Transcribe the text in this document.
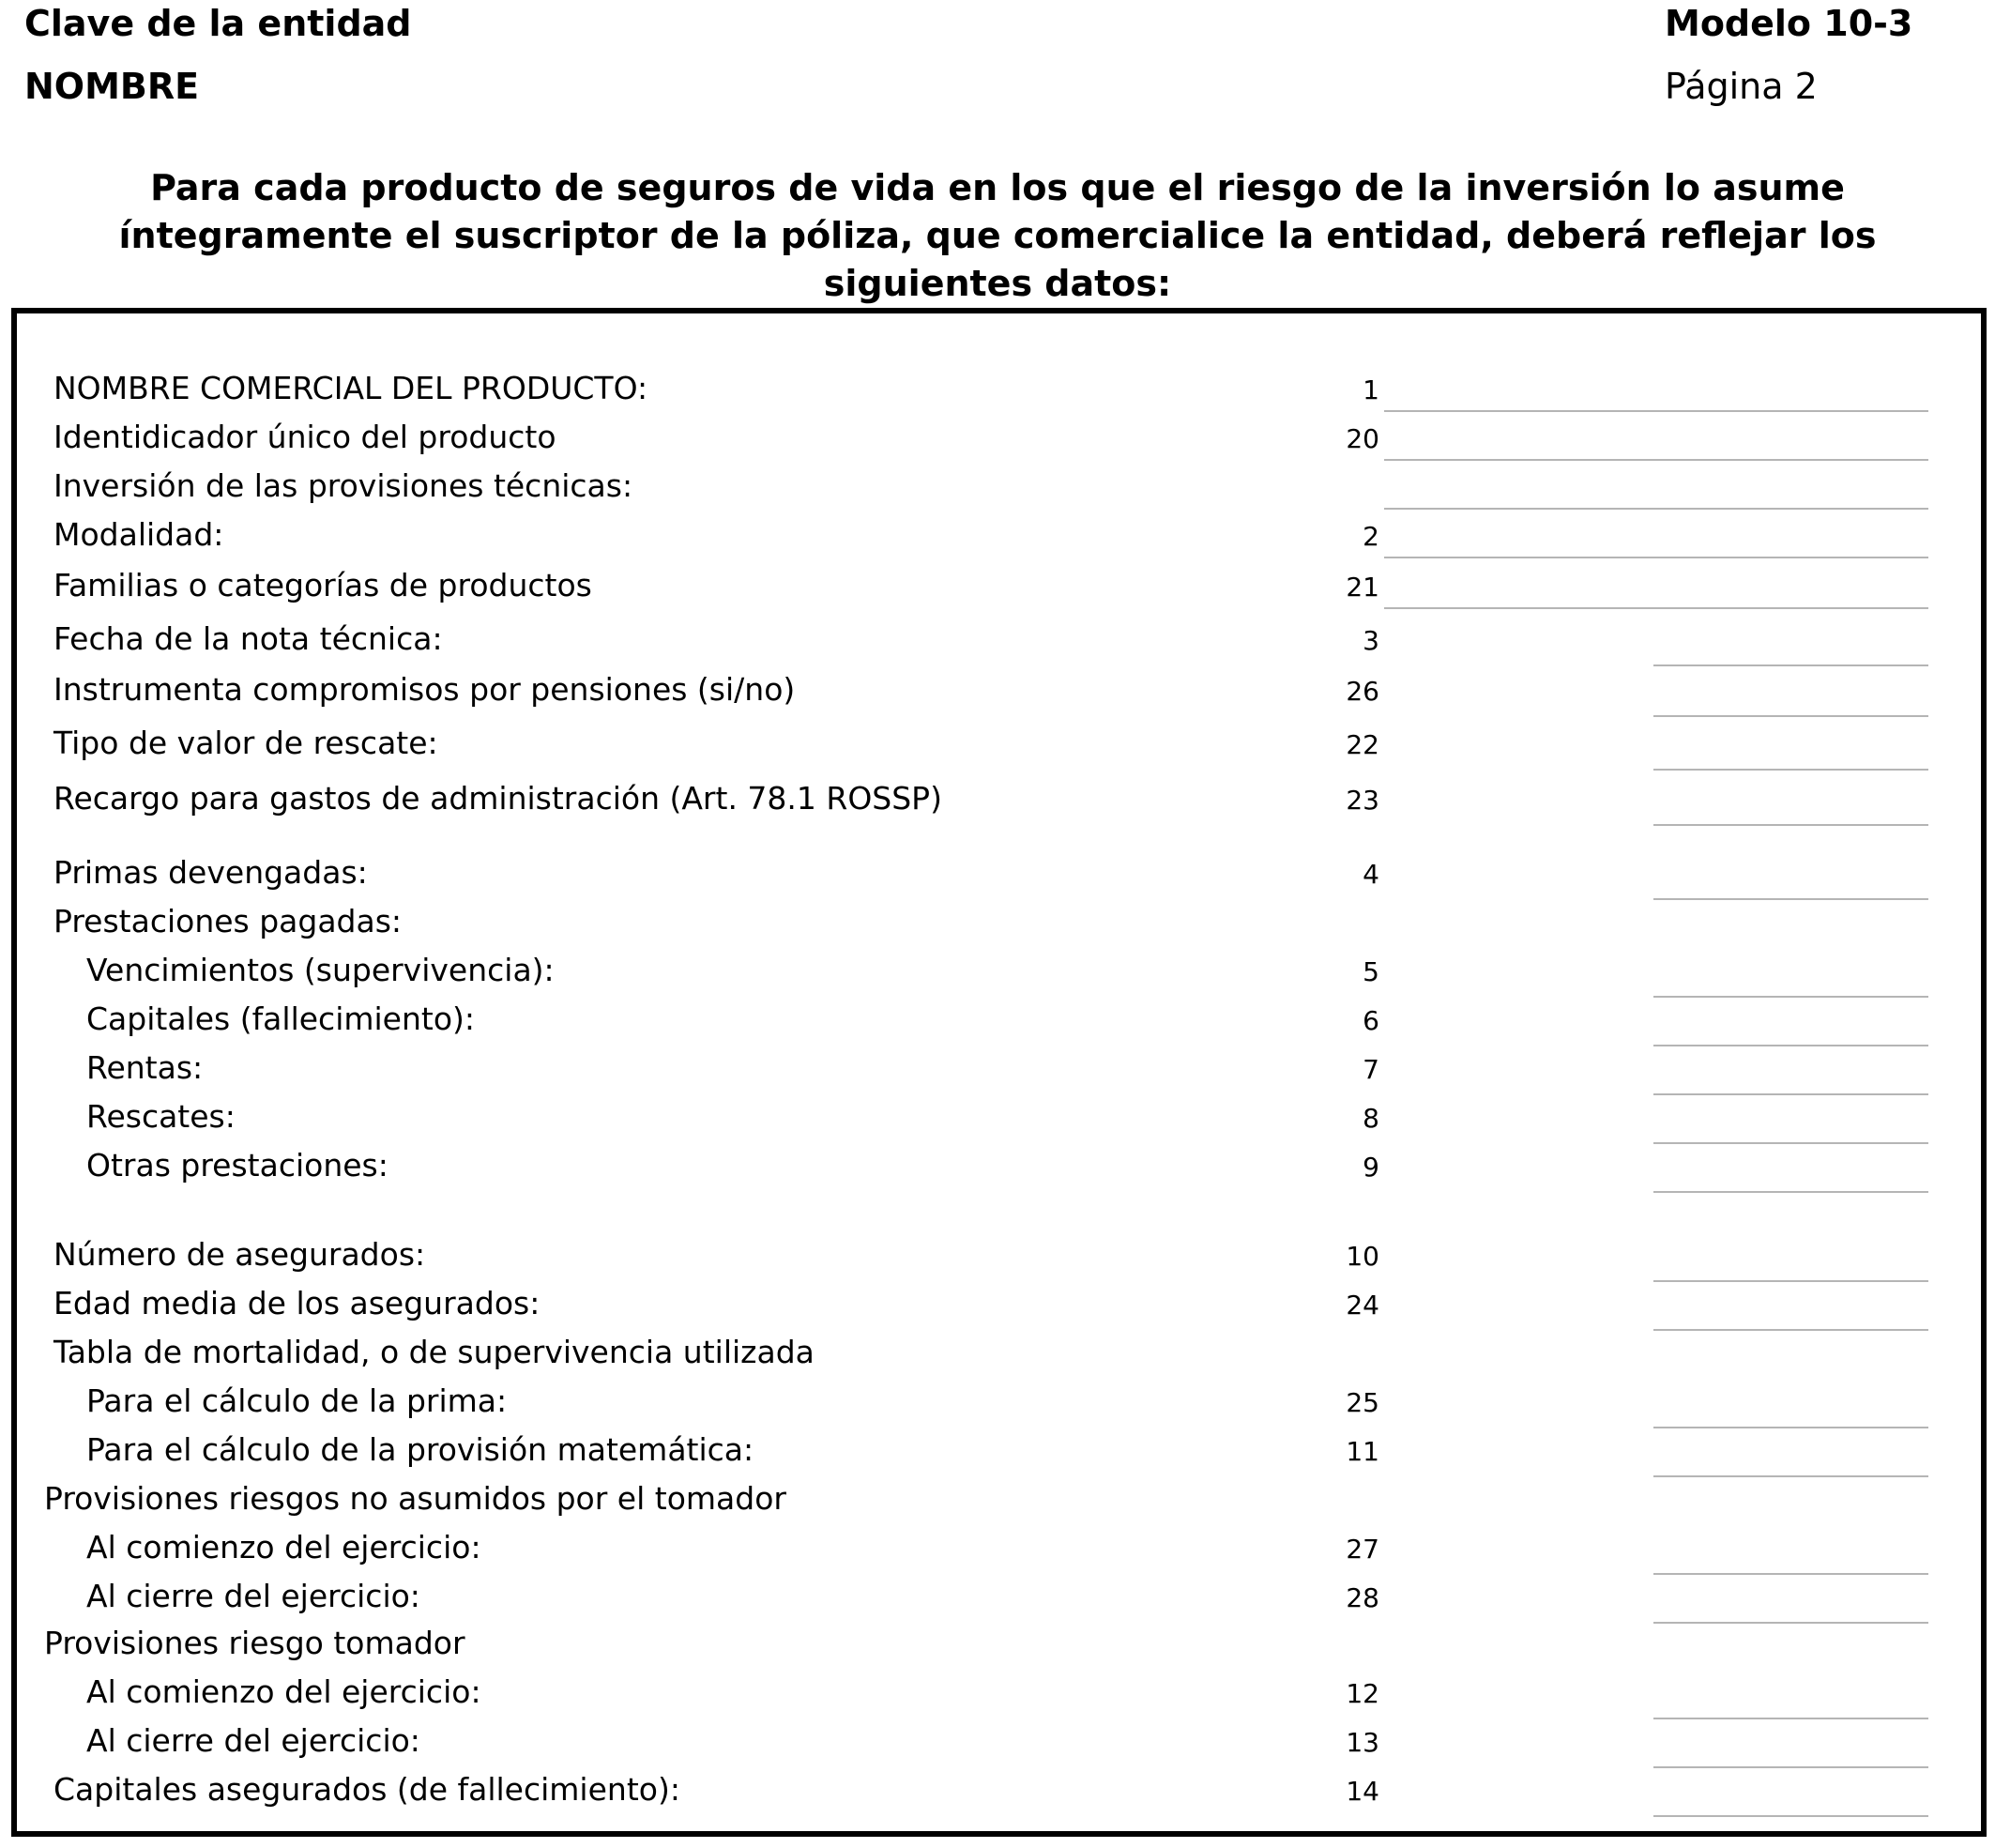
Clave de la entidad
NOMBRE
Modelo 10-3
Página 2
Para cada producto de seguros de vida en los que el riesgo de la inversión lo asume íntegramente el suscriptor de la póliza, que comercialice la entidad, deberá reflejar los siguientes datos:
NOMBRE COMERCIAL DEL PRODUCTO:	1
Identidicador único del producto	20
Inversión de las provisiones técnicas:
Modalidad:	2
Familias o categorías de productos	21
Fecha de la nota técnica:	3
Instrumenta compromisos por pensiones (si/no)	26
Tipo de valor de rescate:	22
Recargo para gastos de administración (Art. 78.1 ROSSP)	23
Primas devengadas:	4
Prestaciones pagadas:
Vencimientos (supervivencia):	5
Capitales (fallecimiento):	6
Rentas:	7
Rescates:	8
Otras prestaciones:	9
Número de asegurados:	10
Edad media de los asegurados:	24
Tabla de mortalidad, o de supervivencia utilizada
Para el cálculo de la prima:	25
Para el cálculo de la provisión matemática:	11
Provisiones riesgos no asumidos por el tomador
Al comienzo del ejercicio:	27
Al cierre del ejercicio:	28
Provisiones riesgo tomador
Al comienzo del ejercicio:	12
Al cierre del ejercicio:	13
Capitales asegurados (de fallecimiento):	14
